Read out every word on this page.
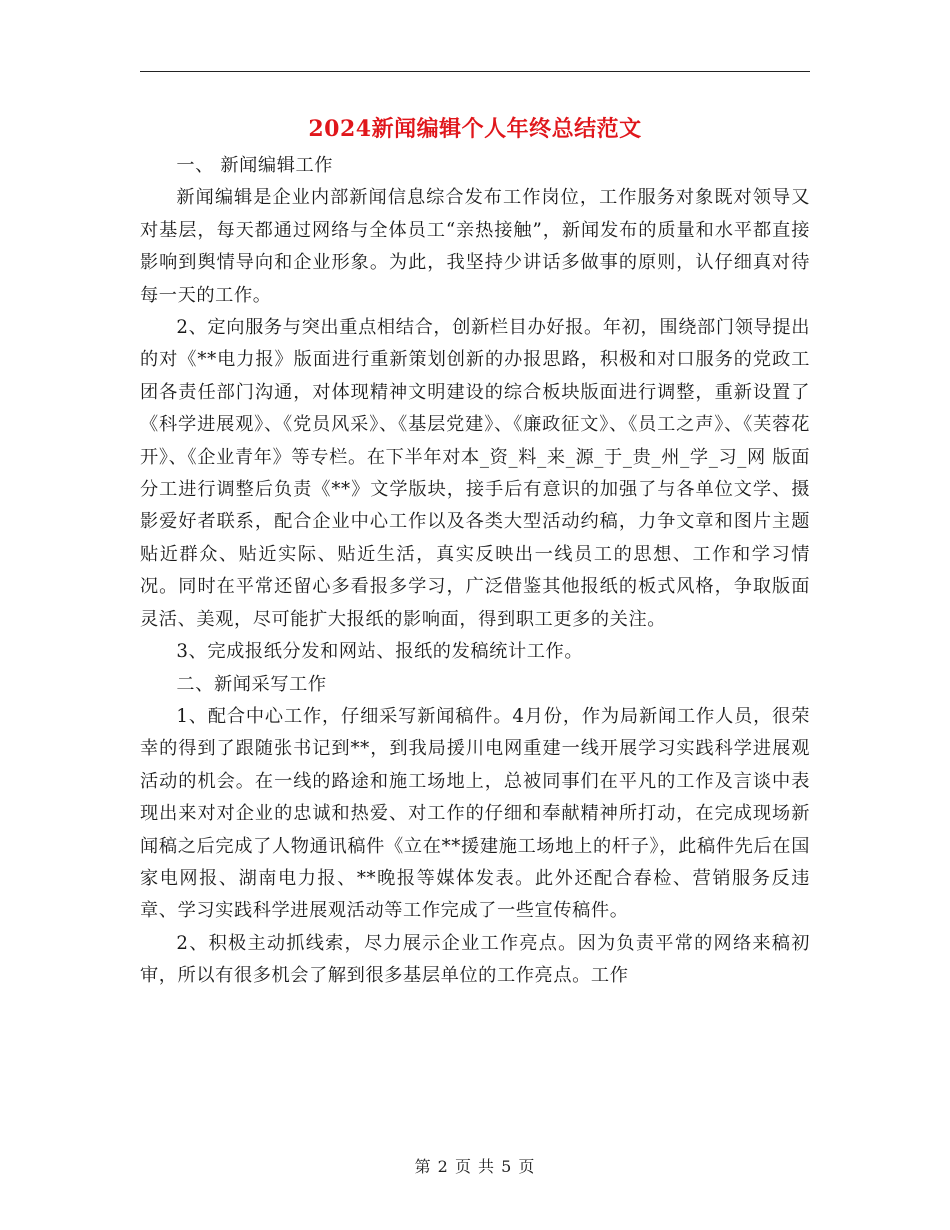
2024新闻编辑个人年终总结范文

一、 新闻编辑工作

新闻编辑是企业内部新闻信息综合发布工作岗位，工作服务对象既对领导又对基层，每天都通过网络与全体员工“亲热接触”，新闻发布的质量和水平都直接影响到舆情导向和企业形象。为此，我坚持少讲话多做事的原则，认仔细真对待每一天的工作。

2、定向服务与突出重点相结合，创新栏目办好报。年初，围绕部门领导提出的对《**电力报》版面进行重新策划创新的办报思路，积极和对口服务的党政工团各责任部门沟通，对体现精神文明建设的综合板块版面进行调整，重新设置了《科学进展观》、《党员风采》、《基层党建》、《廉政征文》、《员工之声》、《芙蓉花开》、《企业青年》等专栏。在下半年对本_资_料_来_源_于_贵_州_学_习_网 版面分工进行调整后负责《**》文学版块，接手后有意识的加强了与各单位文学、摄影爱好者联系，配合企业中心工作以及各类大型活动约稿，力争文章和图片主题贴近群众、贴近实际、贴近生活，真实反映出一线员工的思想、工作和学习情况。同时在平常还留心多看报多学习，广泛借鉴其他报纸的板式风格，争取版面灵活、美观，尽可能扩大报纸的影响面，得到职工更多的关注。

3、完成报纸分发和网站、报纸的发稿统计工作。

二、新闻采写工作

1、配合中心工作，仔细采写新闻稿件。4月份，作为局新闻工作人员，很荣幸的得到了跟随张书记到**，到我局援川电网重建一线开展学习实践科学进展观活动的机会。在一线的路途和施工场地上，总被同事们在平凡的工作及言谈中表现出来对对企业的忠诚和热爱、对工作的仔细和奉献精神所打动，在完成现场新闻稿之后完成了人物通讯稿件《立在**援建施工场地上的杆子》，此稿件先后在国家电网报、湖南电力报、**晚报等媒体发表。此外还配合春检、营销服务反违章、学习实践科学进展观活动等工作完成了一些宣传稿件。

2、积极主动抓线索，尽力展示企业工作亮点。因为负责平常的网络来稿初审，所以有很多机会了解到很多基层单位的工作亮点。工作

第 2 页 共 5 页
